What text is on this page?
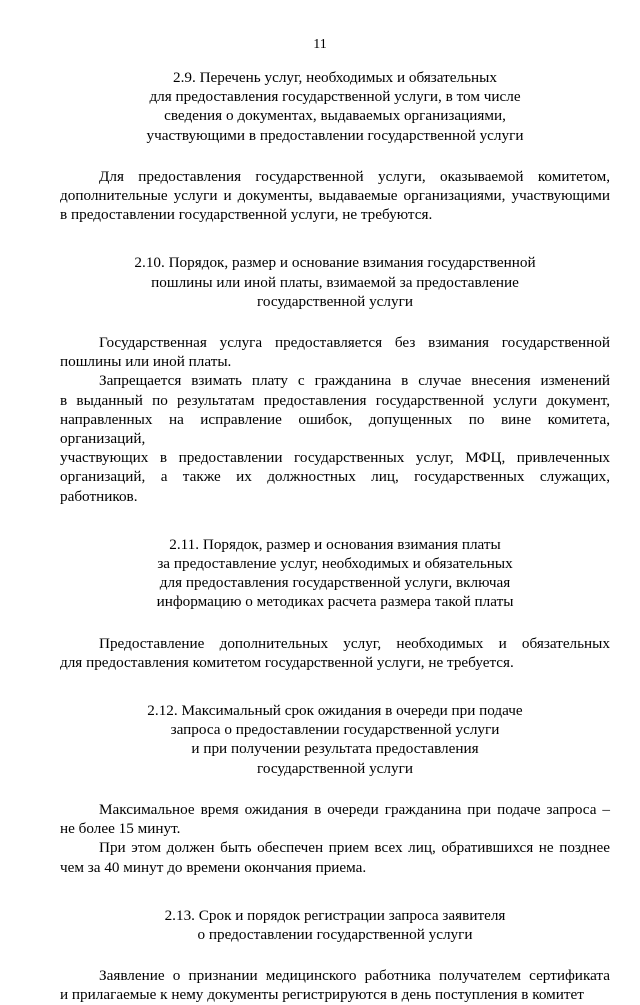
11
2.9. Перечень услуг, необходимых и обязательных
для предоставления государственной услуги, в том числе
сведения о документах, выдаваемых организациями,
участвующими в предоставлении государственной услуги
Для предоставления государственной услуги, оказываемой комитетом,
дополнительные услуги и документы, выдаваемые организациями, участвующими
в предоставлении государственной услуги, не требуются.
2.10. Порядок, размер и основание взимания государственной
пошлины или иной платы, взимаемой за предоставление
государственной услуги
Государственная услуга предоставляется без взимания государственной
пошлины или иной платы.
Запрещается взимать плату с гражданина в случае внесения изменений
в выданный по результатам предоставления государственной услуги документ,
направленных на исправление ошибок, допущенных по вине комитета, организаций,
участвующих в предоставлении государственных услуг, МФЦ, привлеченных
организаций, а также их должностных лиц, государственных служащих, работников.
2.11. Порядок, размер и основания взимания платы
за предоставление услуг, необходимых и обязательных
для предоставления государственной услуги, включая
информацию о методиках расчета размера такой платы
Предоставление дополнительных услуг, необходимых и обязательных
для предоставления комитетом государственной услуги, не требуется.
2.12. Максимальный срок ожидания в очереди при подаче
запроса о предоставлении государственной услуги
и при получении результата предоставления
государственной услуги
Максимальное время ожидания в очереди гражданина при подаче запроса –
не более 15 минут.
При этом должен быть обеспечен прием всех лиц, обратившихся не позднее
чем за 40 минут до времени окончания приема.
2.13. Срок и порядок регистрации запроса заявителя
о предоставлении государственной услуги
Заявление о признании медицинского работника получателем сертификата
и прилагаемые к нему документы регистрируются в день поступления в комитет
